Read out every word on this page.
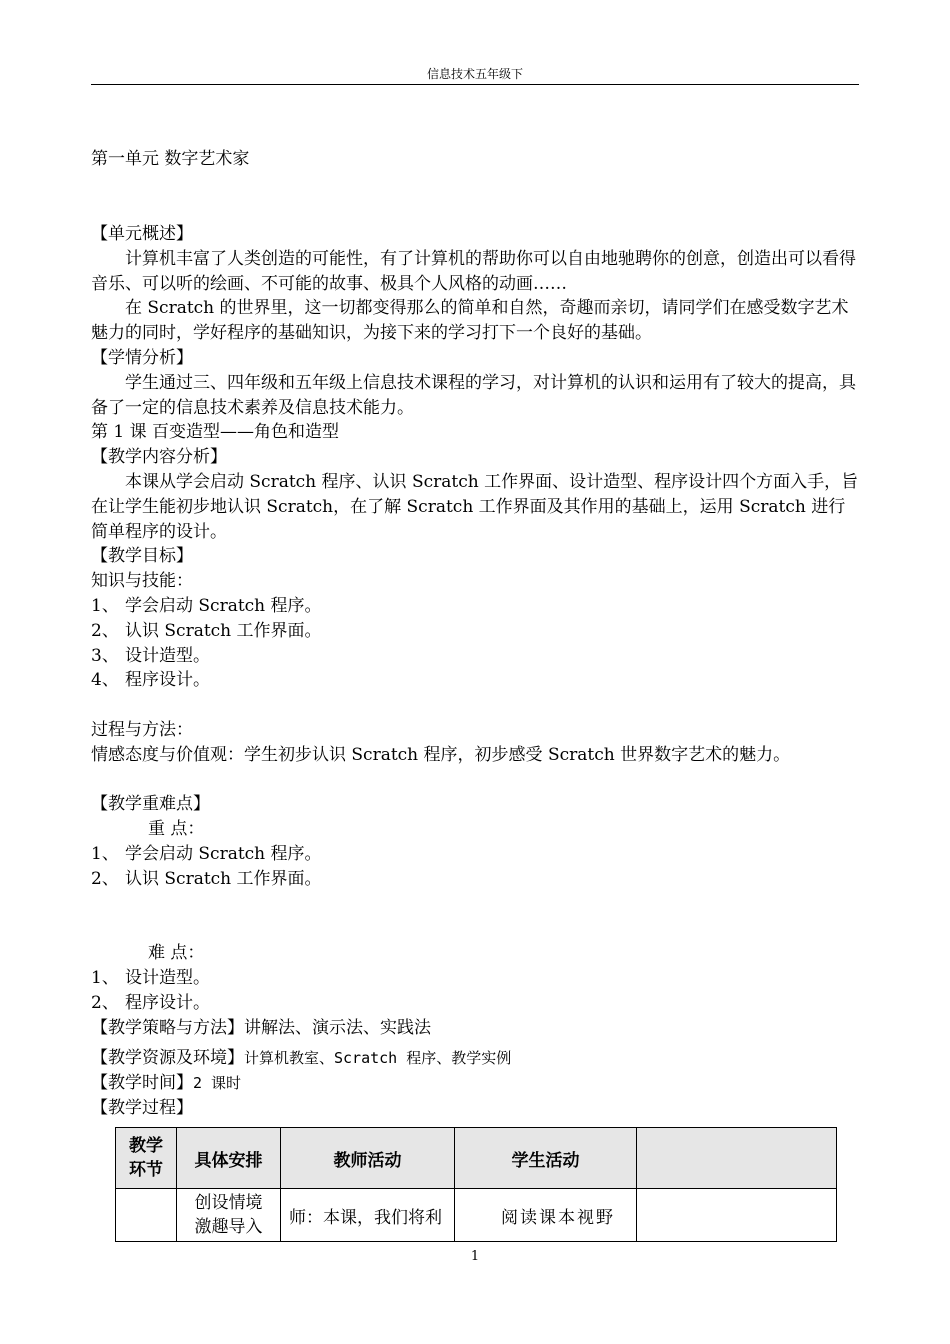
信息技术五年级下
第一单元 数字艺术家

【单元概述】

计算机丰富了人类创造的可能性，有了计算机的帮助你可以自由地驰聘你的创意，创造出可以看得音乐、可以听的绘画、不可能的故事、极具个人风格的动画……

在 Scratch 的世界里，这一切都变得那么的简单和自然，奇趣而亲切，请同学们在感受数字艺术魅力的同时，学好程序的基础知识，为接下来的学习打下一个良好的基础。

【学情分析】

学生通过三、四年级和五年级上信息技术课程的学习，对计算机的认识和运用有了较大的提高，具备了一定的信息技术素养及信息技术能力。

第 1 课 百变造型——角色和造型

【教学内容分析】

本课从学会启动 Scratch 程序、认识 Scratch 工作界面、设计造型、程序设计四个方面入手，旨在让学生能初步地认识 Scratch，在了解 Scratch 工作界面及其作用的基础上，运用 Scratch 进行简单程序的设计。

【教学目标】

知识与技能：

1、 学会启动 Scratch 程序。
2、 认识 Scratch 工作界面。
3、 设计造型。
4、 程序设计。

过程与方法：

情感态度与价值观：学生初步认识 Scratch 程序，初步感受 Scratch 世界数字艺术的魅力。

【教学重难点】

重 点：

1、 学会启动 Scratch 程序。
2、 认识 Scratch 工作界面。

难 点：

1、 设计造型。
2、 程序设计。

【教学策略与方法】讲解法、演示法、实践法

【教学资源及环境】计算机教室、Scratch 程序、教学实例

【教学时间】2 课时

【教学过程】

教学
环节	具体安排	教师活动	学生活动	
	创设情境
激趣导入	师：本课，我们将利	阅读课本视野	
1
